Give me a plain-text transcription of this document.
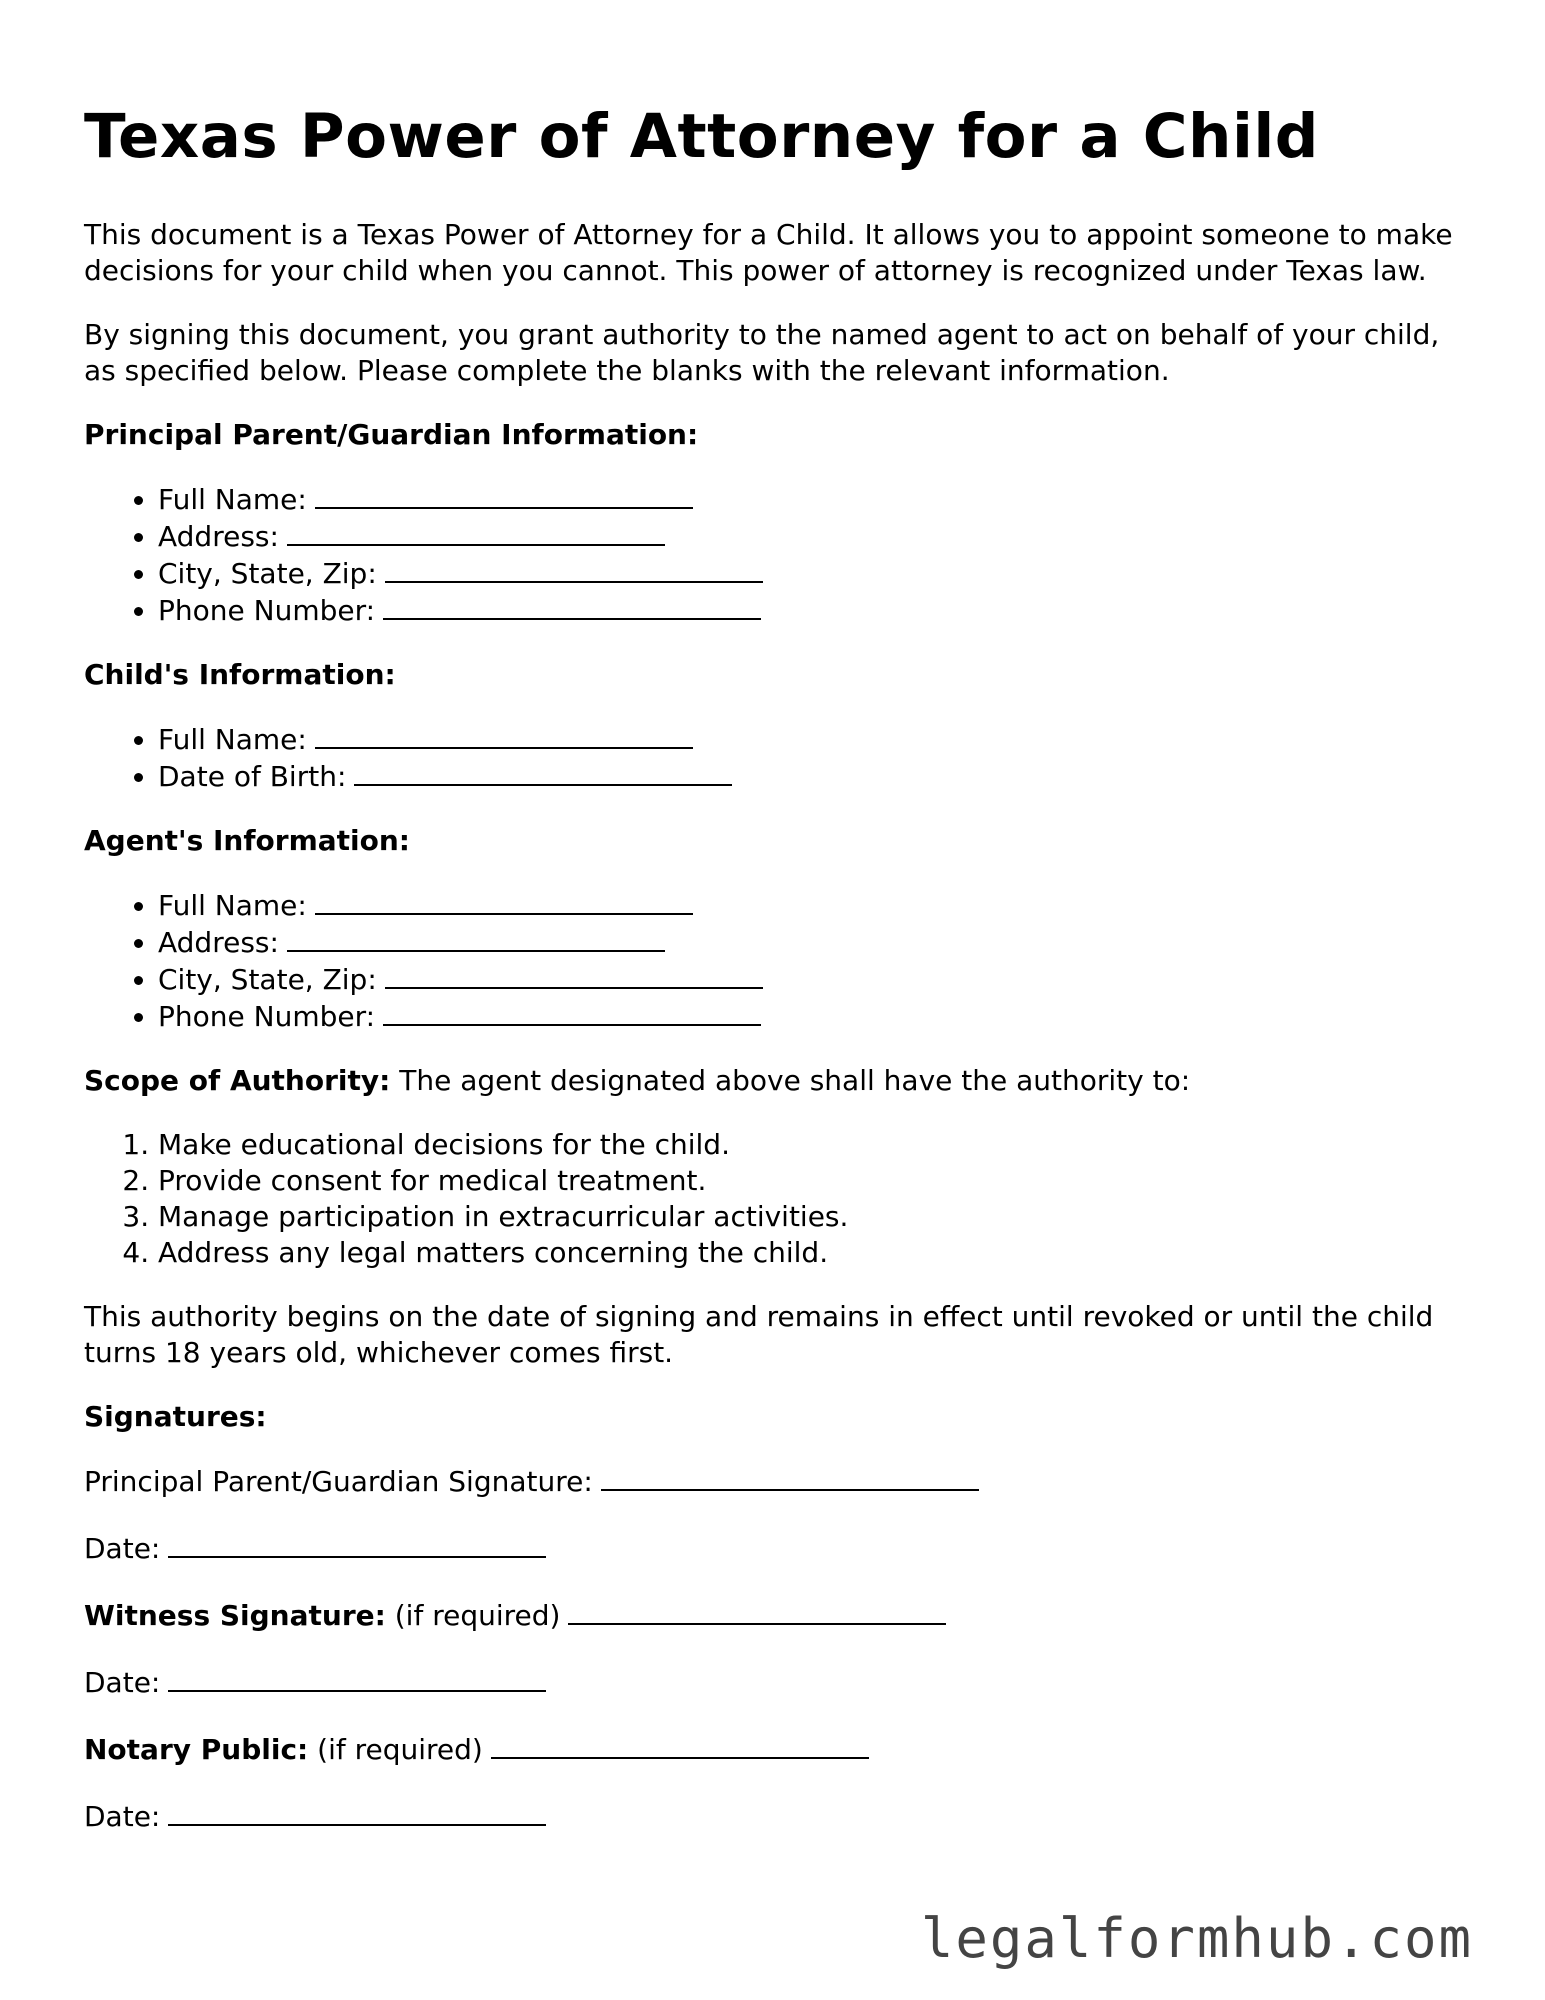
Texas Power of Attorney for a Child

This document is a Texas Power of Attorney for a Child. It allows you to appoint someone to make decisions for your child when you cannot. This power of attorney is recognized under Texas law.

By signing this document, you grant authority to the named agent to act on behalf of your child, as specified below. Please complete the blanks with the relevant information.

Principal Parent/Guardian Information:
• Full Name:
• Address:
• City, State, Zip:
• Phone Number:
Child's Information:
• Full Name:
• Date of Birth:
Agent's Information:
• Full Name:
• Address:
• City, State, Zip:
• Phone Number:

Scope of Authority: The agent designated above shall have the authority to:

1. Make educational decisions for the child.
2. Provide consent for medical treatment.
3. Manage participation in extracurricular activities.
4. Address any legal matters concerning the child.

This authority begins on the date of signing and remains in effect until revoked or until the child turns 18 years old, whichever comes first.

Signatures:
Principal Parent/Guardian Signature:
Date:
Witness Signature: (if required)
Date:
Notary Public: (if required)
Date:
legalformhub.com
